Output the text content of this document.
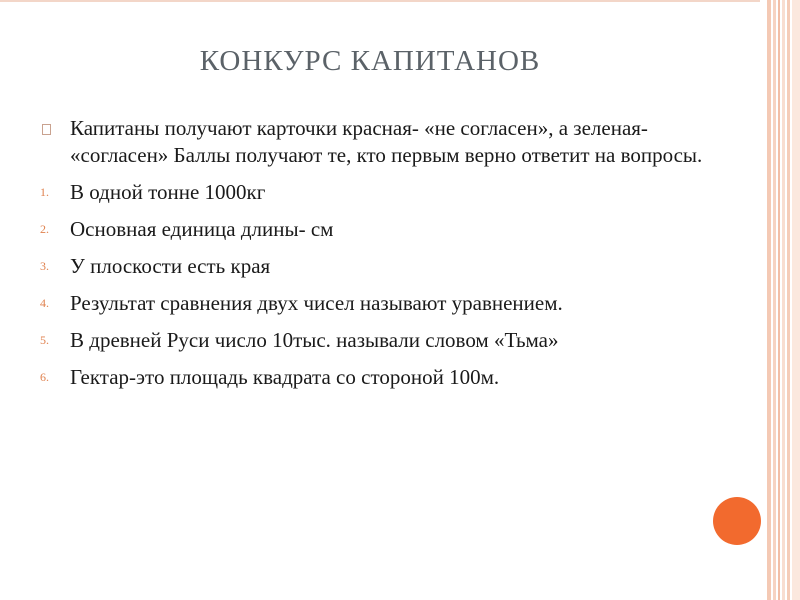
КОНКУРС КАПИТАНОВ
Капитаны получают карточки красная- «не согласен», а зеленая- «согласен» Баллы получают те, кто первым верно ответит на вопросы.
1. В одной тонне 1000кг
2. Основная единица длины- см
3. У плоскости есть края
4. Результат сравнения двух чисел называют уравнением.
5. В древней Руси число 10тыс. называли словом «Тьма»
6. Гектар-это площадь квадрата со стороной 100м.
